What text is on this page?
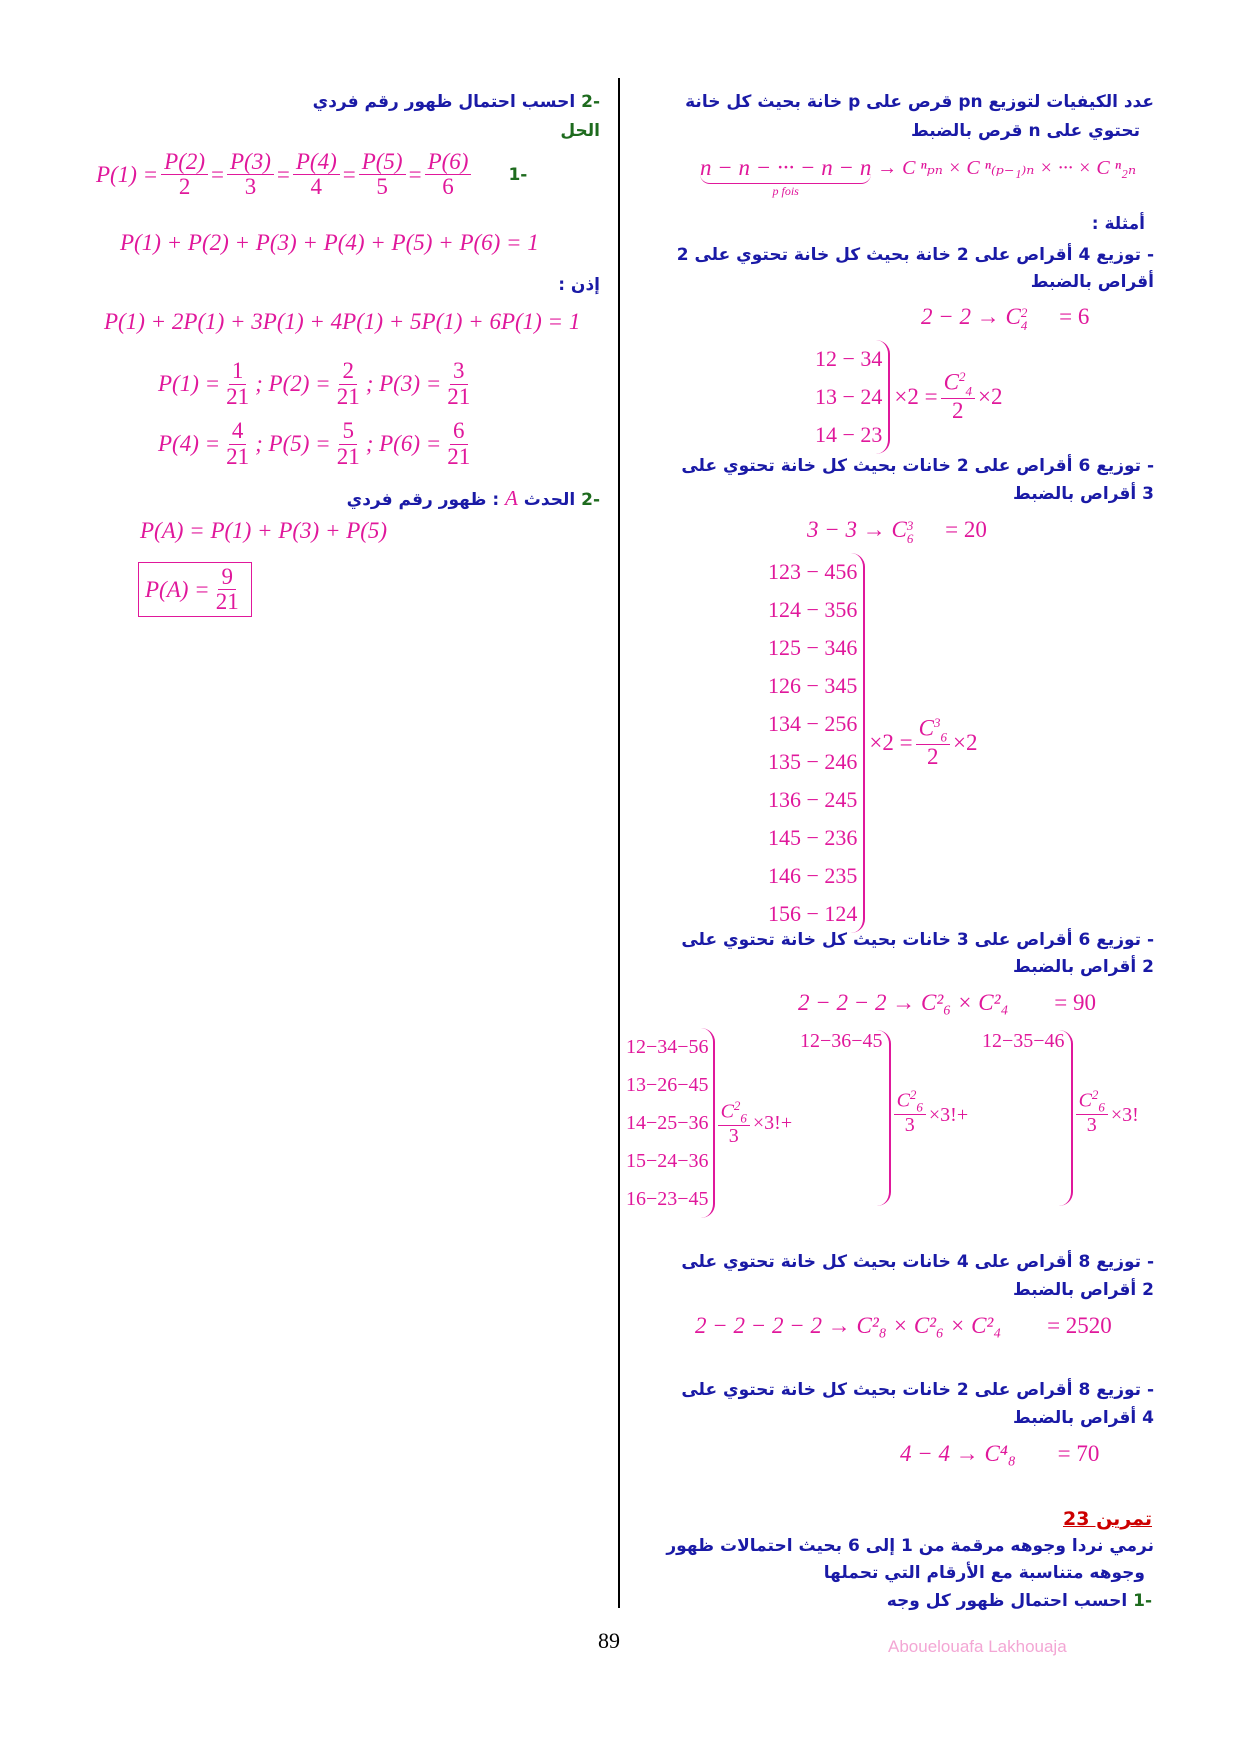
عدد الكيفيات لتوزيع pn قرص على p خانة بحيث كل خانة
تحتوي على n قرص بالضبط
n − n − ··· − n − n
p fois
→ C ⁿₚₙ × C ⁿ₍ₚ₋₁₎ₙ × ··· × C ⁿ₂ₙ
أمثلة :
- توزيع 4 أقراص على 2 خانة بحيث كل خانة تحتوي على 2
أقراص بالضبط
2 − 2 → C 2
4 = 6
12 − 34
13 − 24
14 − 23
$\times 2 = \frac{C^2_4}{2} \times 2$
- توزيع 6 أقراص على 2 خانات بحيث كل خانة تحتوي على
3 أقراص بالضبط
3 − 3 → C 3
6 = 20
123 − 456
124 − 356
125 − 346
126 − 345
134 − 256
135 − 246
136 − 245
145 − 236
146 − 235
156 − 124
$\times 2 = \frac{C^3_6}{2} \times 2$
- توزيع 6 أقراص على 3 خانات بحيث كل خانة تحتوي على
2 أقراص بالضبط
2 − 2 − 2 → C²₆ × C²₄ = 90
12−34−56
13−26−45
14−25−36
15−24−36
16−23−45
$\frac{C^2_6}{3} \times 3!+$
12−36−45
$\frac{C^2_6}{3} \times 3!+$
12−35−46
$\frac{C^2_6}{3} \times 3$!
- توزيع 8 أقراص على 4 خانات بحيث كل خانة تحتوي على
2 أقراص بالضبط
2 − 2 − 2 − 2 → C²₈ × C²₆ × C²₄ = 2520
- توزيع 8 أقراص على 2 خانات بحيث كل خانة تحتوي على
4 أقراص بالضبط
4 − 4 → C⁴₈ = 70
تمرين 23
نرمي نردا وجوهه مرقمة من 1 إلى 6 بحيث احتمالات ظهور
وجوهه متناسبة مع الأرقام التي تحملها
-1 احسب احتمال ظهور كل وجه
-2 احسب احتمال ظهور رقم فردي
الحل
$P(1) = \frac{P(2)}{2} = \frac{P(3)}{3} = \frac{P(4)}{4} = \frac{P(5)}{5} = \frac{P(6)}{6} -1$
P(1) + P(2) + P(3) + P(4) + P(5) + P(6) = 1
إذن :
P(1) + 2P(1) + 3P(1) + 4P(1) + 5P(1) + 6P(1) = 1
$P(1) = \frac{1}{21}$ ; $P(2) = \frac{2}{21}$ ; $P(3) = \frac{3}{21}$
$P(4) = \frac{4}{21}$ ; $P(5) = \frac{5}{21}$ ; $P(6) = \frac{6}{21}$
-2 الحدث A : ظهور رقم فردي
P(A) = P(1) + P(3) + P(5)
$P(A) = \frac{9}{21}$
89	Abouelouafa Lakhouaja
